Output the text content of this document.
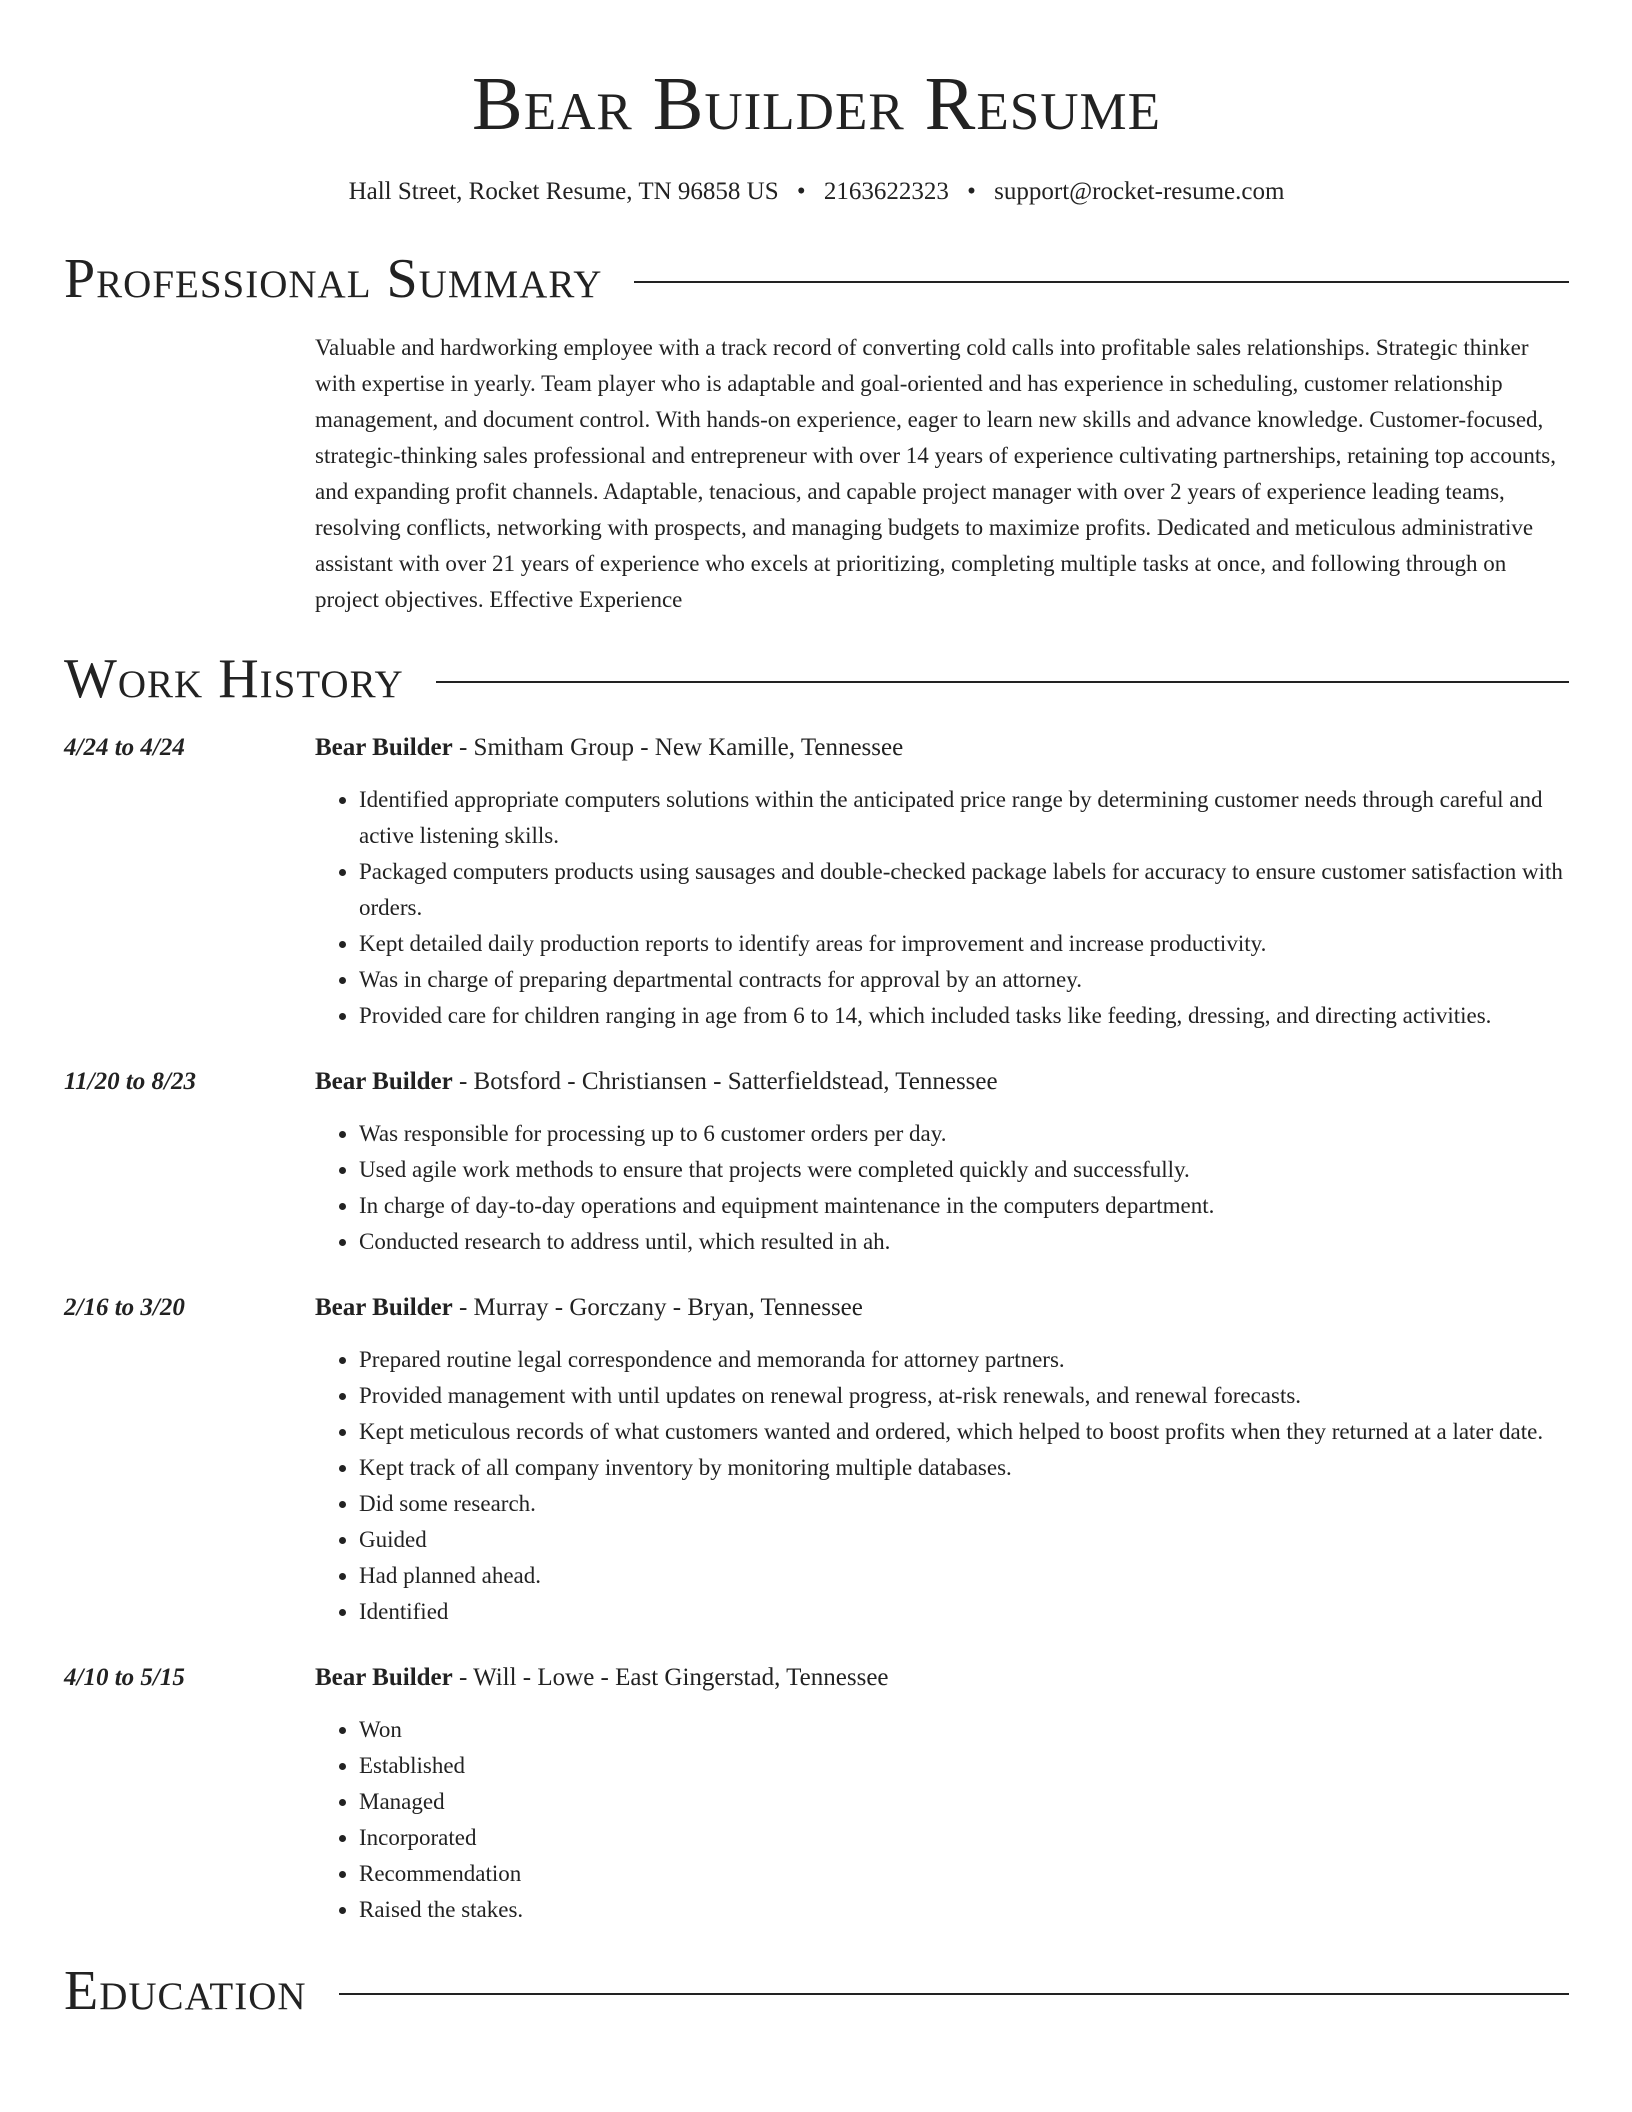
Bear Builder Resume
Hall Street, Rocket Resume, TN 96858 US • 2163622323 • support@rocket-resume.com
Professional Summary
Valuable and hardworking employee with a track record of converting cold calls into profitable sales relationships. Strategic thinker with expertise in yearly. Team player who is adaptable and goal-oriented and has experience in scheduling, customer relationship management, and document control. With hands-on experience, eager to learn new skills and advance knowledge. Customer-focused, strategic-thinking sales professional and entrepreneur with over 14 years of experience cultivating partnerships, retaining top accounts, and expanding profit channels. Adaptable, tenacious, and capable project manager with over 2 years of experience leading teams, resolving conflicts, networking with prospects, and managing budgets to maximize profits. Dedicated and meticulous administrative assistant with over 21 years of experience who excels at prioritizing, completing multiple tasks at once, and following through on project objectives. Effective Experience
Work History
4/24 to 4/24	Bear Builder - Smitham Group - New Kamille, Tennessee
• Identified appropriate computers solutions within the anticipated price range by determining customer needs through careful and active listening skills.
• Packaged computers products using sausages and double-checked package labels for accuracy to ensure customer satisfaction with orders.
• Kept detailed daily production reports to identify areas for improvement and increase productivity.
• Was in charge of preparing departmental contracts for approval by an attorney.
• Provided care for children ranging in age from 6 to 14, which included tasks like feeding, dressing, and directing activities.
11/20 to 8/23	Bear Builder - Botsford - Christiansen - Satterfieldstead, Tennessee
• Was responsible for processing up to 6 customer orders per day.
• Used agile work methods to ensure that projects were completed quickly and successfully.
• In charge of day-to-day operations and equipment maintenance in the computers department.
• Conducted research to address until, which resulted in ah.
2/16 to 3/20	Bear Builder - Murray - Gorczany - Bryan, Tennessee
• Prepared routine legal correspondence and memoranda for attorney partners.
• Provided management with until updates on renewal progress, at-risk renewals, and renewal forecasts.
• Kept meticulous records of what customers wanted and ordered, which helped to boost profits when they returned at a later date.
• Kept track of all company inventory by monitoring multiple databases.
• Did some research.
• Guided
• Had planned ahead.
• Identified
4/10 to 5/15	Bear Builder - Will - Lowe - East Gingerstad, Tennessee
• Won
• Established
• Managed
• Incorporated
• Recommendation
• Raised the stakes.
Education
